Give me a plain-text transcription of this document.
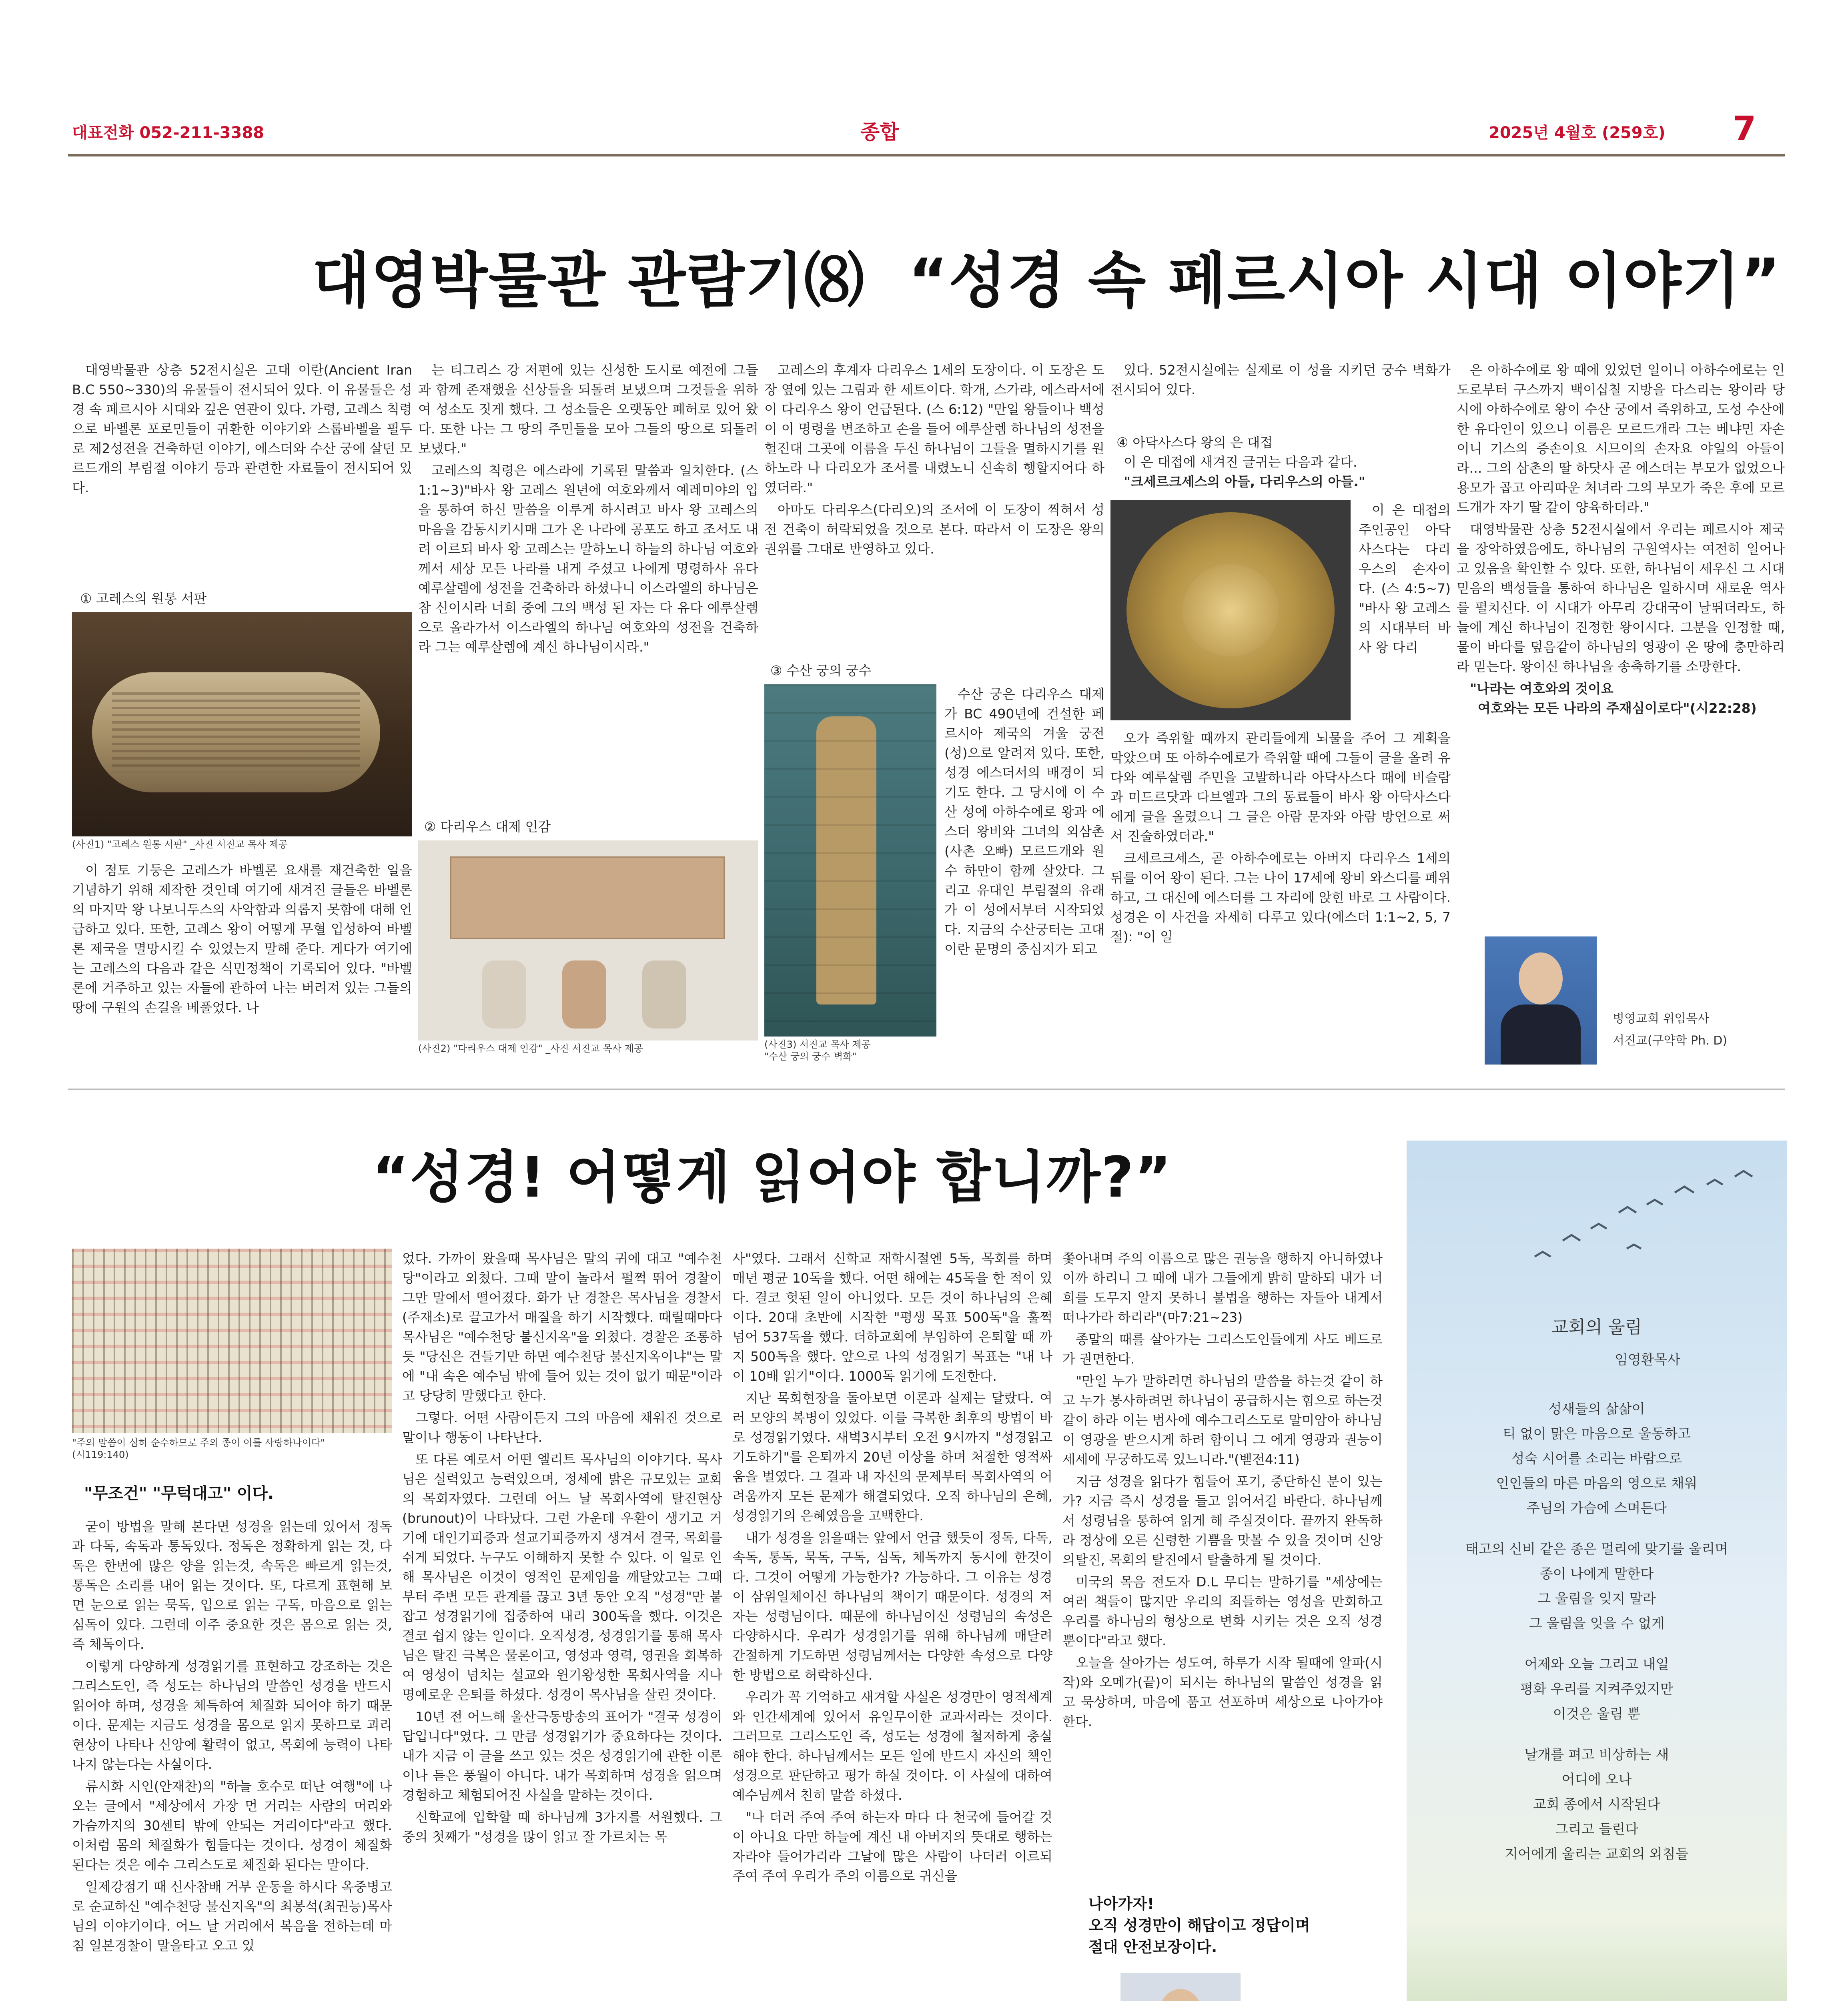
대표전화 052-211-3388	종합	2025년 4월호 (259호) 7
대영박물관 관람기⑻ “성경 속 페르시아 시대 이야기”

대영박물관 상층 52전시실은 고대 이란(Ancient Iran B.C 550~330)의 유물들이 전시되어 있다. 이 유물들은 성경 속 페르시아 시대와 깊은 연관이 있다. 가령, 고레스 칙령으로 바벨론 포로민들이 귀환한 이야기와 스룹바벨을 필두로 제2성전을 건축하던 이야기, 에스더와 수산 궁에 살던 모르드개의 부림절 이야기 등과 관련한 자료들이 전시되어 있다.

① 고레스의 원통 서판
(사진1) "고레스 원통 서판" _사진 서진교 목사 제공

이 점토 기둥은 고레스가 바벨론 요새를 재건축한 일을 기념하기 위해 제작한 것인데 여기에 새겨진 글들은 바벨론의 마지막 왕 나보니두스의 사악함과 의롭지 못함에 대해 언급하고 있다. 또한, 고레스 왕이 어떻게 무혈 입성하여 바벨론 제국을 멸망시킬 수 있었는지 말해 준다. 게다가 여기에는 고레스의 다음과 같은 식민정책이 기록되어 있다. "바벨론에 거주하고 있는 자들에 관하여 나는 버려져 있는 그들의 땅에 구원의 손길을 베풀었다. 나

는 티그리스 강 저편에 있는 신성한 도시로 예전에 그들과 함께 존재했을 신상들을 되돌려 보냈으며 그것들을 위하여 성소도 짓게 했다. 그 성소들은 오랫동안 폐허로 있어 왔다. 또한 나는 그 땅의 주민들을 모아 그들의 땅으로 되돌려 보냈다."

고레스의 칙령은 에스라에 기록된 말씀과 일치한다. (스 1:1~3)"바사 왕 고레스 원년에 여호와께서 예레미야의 입을 통하여 하신 말씀을 이루게 하시려고 바사 왕 고레스의 마음을 감동시키시매 그가 온 나라에 공포도 하고 조서도 내려 이르되 바사 왕 고레스는 말하노니 하늘의 하나님 여호와께서 세상 모든 나라를 내게 주셨고 나에게 명령하사 유다 예루살렘에 성전을 건축하라 하셨나니 이스라엘의 하나님은 참 신이시라 너희 중에 그의 백성 된 자는 다 유다 예루살렘으로 올라가서 이스라엘의 하나님 여호와의 성전을 건축하라 그는 예루살렘에 계신 하나님이시라."

② 다리우스 대제 인감
(사진2) "다리우스 대제 인감" _사진 서진교 목사 제공

고레스의 후계자 다리우스 1세의 도장이다. 이 도장은 도장 옆에 있는 그림과 한 세트이다. 학개, 스가랴, 에스라서에 이 다리우스 왕이 언급된다. (스 6:12) "만일 왕들이나 백성이 이 명령을 변조하고 손을 들어 예루살렘 하나님의 성전을 헐진대 그곳에 이름을 두신 하나님이 그들을 멸하시기를 원하노라 나 다리오가 조서를 내렸노니 신속히 행할지어다 하였더라."

아마도 다리우스(다리오)의 조서에 이 도장이 찍혀서 성전 건축이 허락되었을 것으로 본다. 따라서 이 도장은 왕의 권위를 그대로 반영하고 있다.

③ 수산 궁의 궁수
(사진3) 서진교 목사 제공
"수산 궁의 궁수 벽화"

수산 궁은 다리우스 대제가 BC 490년에 건설한 페르시아 제국의 겨울 궁전(성)으로 알려져 있다. 또한, 성경 에스더서의 배경이 되기도 한다. 그 당시에 이 수산 성에 아하수에로 왕과 에스더 왕비와 그녀의 외삼촌(사촌 오빠) 모르드개와 원수 하만이 함께 살았다. 그리고 유대인 부림절의 유래가 이 성에서부터 시작되었다. 지금의 수산궁터는 고대 이란 문명의 중심지가 되고

있다. 52전시실에는 실제로 이 성을 지키던 궁수 벽화가 전시되어 있다.

④ 아닥사스다 왕의 은 대접
이 은 대접에 새겨진 글귀는 다음과 같다.
"크세르크세스의 아들, 다리우스의 아들."

이 은 대접의 주인공인 아닥사스다는 다리우스의 손자이다. (스 4:5~7) "바사 왕 고레스의 시대부터 바사 왕 다리

오가 즉위할 때까지 관리들에게 뇌물을 주어 그 계획을 막았으며 또 아하수에로가 즉위할 때에 그들이 글을 올려 유다와 예루살렘 주민을 고발하니라 아닥사스다 때에 비슬람과 미드르닷과 다브엘과 그의 동료들이 바사 왕 아닥사스다에게 글을 올렸으니 그 글은 아람 문자와 아람 방언으로 써서 진술하였더라."

크세르크세스, 곧 아하수에로는 아버지 다리우스 1세의 뒤를 이어 왕이 된다. 그는 나이 17세에 왕비 와스디를 폐위하고, 그 대신에 에스더를 그 자리에 앉힌 바로 그 사람이다. 성경은 이 사건을 자세히 다루고 있다(에스더 1:1~2, 5, 7절): "이 일

은 아하수에로 왕 때에 있었던 일이니 아하수에로는 인도로부터 구스까지 백이십칠 지방을 다스리는 왕이라 당시에 아하수에로 왕이 수산 궁에서 즉위하고, 도성 수산에 한 유다인이 있으니 이름은 모르드개라 그는 베냐민 자손이니 기스의 증손이요 시므이의 손자요 야일의 아들이라... 그의 삼촌의 딸 하닷사 곧 에스더는 부모가 없었으나 용모가 곱고 아리따운 처녀라 그의 부모가 죽은 후에 모르드개가 자기 딸 같이 양육하더라."

대영박물관 상층 52전시실에서 우리는 페르시아 제국을 장악하였음에도, 하나님의 구원역사는 여전히 일어나고 있음을 확인할 수 있다. 또한, 하나님이 세우신 그 시대 믿음의 백성들을 통하여 하나님은 일하시며 새로운 역사를 펼치신다. 이 시대가 아무리 강대국이 날뛰더라도, 하늘에 계신 하나님이 진정한 왕이시다. 그분을 인정할 때, 물이 바다를 덮음같이 하나님의 영광이 온 땅에 충만하리라 믿는다. 왕이신 하나님을 송축하기를 소망한다.

"나라는 여호와의 것이요
여호와는 모든 나라의 주재심이로다"(시22:28)
병영교회 위임목사
서진교(구약학 Ph. D)
“성경! 어떻게 읽어야 합니까?”
"주의 말씀이 심히 순수하므로 주의 종이 이를 사랑하나이다"
(시119:140)
"무조건" "무턱대고" 이다.

굳이 방법을 말해 본다면 성경을 읽는데 있어서 정독과 다독, 속독과 통독있다. 정독은 정확하게 읽는 것, 다독은 한번에 많은 양을 읽는것, 속독은 빠르게 읽는것, 통독은 소리를 내어 읽는 것이다. 또, 다르게 표현해 보면 눈으로 읽는 묵독, 입으로 읽는 구독, 마음으로 읽는 심독이 있다. 그런데 이주 중요한 것은 몸으로 읽는 것, 즉 체독이다.

이렇게 다양하게 성경읽기를 표현하고 강조하는 것은 그리스도인, 즉 성도는 하나님의 말씀인 성경을 반드시 읽어야 하며, 성경을 체득하여 체질화 되어야 하기 때문이다. 문제는 지금도 성경을 몸으로 읽지 못하므로 괴리현상이 나타나 신앙에 활력이 없고, 목회에 능력이 나타나지 않는다는 사실이다.

류시화 시인(안재찬)의 "하늘 호수로 떠난 여행"에 나오는 글에서 "세상에서 가장 먼 거리는 사람의 머리와 가슴까지의 30센티 밖에 안되는 거리이다"라고 했다. 이처럼 몸의 체질화가 힘들다는 것이다. 성경이 체질화 된다는 것은 예수 그리스도로 체질화 된다는 말이다.

일제강점기 때 신사참배 거부 운동을 하시다 옥중병고로 순교하신 "예수천당 불신지옥"의 최봉석(최권능)목사님의 이야기이다. 어느 날 거리에서 복음을 전하는데 마침 일본경찰이 말을타고 오고 있

었다. 가까이 왔을때 목사님은 말의 귀에 대고 "예수천당"이라고 외쳤다. 그때 말이 놀라서 펄쩍 뛰어 경찰이 그만 말에서 떨어졌다. 화가 난 경찰은 목사님을 경찰서(주재소)로 끌고가서 매질을 하기 시작했다. 때릴때마다 목사님은 "예수천당 불신지옥"을 외쳤다. 경찰은 조롱하듯 "당신은 건들기만 하면 예수천당 불신지옥이냐"는 말에 "내 속은 예수님 밖에 들어 있는 것이 없기 때문"이라고 당당히 말했다고 한다.

그렇다. 어떤 사람이든지 그의 마음에 채워진 것으로 말이나 행동이 나타난다.

또 다른 예로서 어떤 엘리트 목사님의 이야기다. 목사님은 실력있고 능력있으며, 정세에 밝은 규모있는 교회의 목회자였다. 그런데 어느 날 목회사역에 탈진현상(brunout)이 나타났다. 그런 가운데 우환이 생기고 거기에 대인기피증과 설교기피증까지 생겨서 결국, 목회를 쉬게 되었다. 누구도 이해하지 못할 수 있다. 이 일로 인해 목사님은 이것이 영적인 문제임을 깨달았고는 그때 부터 주변 모든 관계를 끊고 3년 동안 오직 "성경"만 붙잡고 성경읽기에 집중하여 내리 300독을 했다. 이것은 결코 쉽지 않는 일이다. 오직성경, 성경읽기를 통해 목사님은 탈진 극복은 물론이고, 영성과 영력, 영권을 회복하여 영성이 넘치는 설교와 윈기왕성한 목회사역을 지나 명예로운 은퇴를 하셨다. 성경이 목사님을 살린 것이다.

10년 전 어느해 울산극동방송의 표어가 "결국 성경이 답입니다"였다. 그 만큼 성경읽기가 중요하다는 것이다. 내가 지금 이 글을 쓰고 있는 것은 성경읽기에 관한 이론이나 듣은 풍월이 아니다. 내가 목회하며 성경을 읽으며 경험하고 체험되어진 사실을 말하는 것이다.

신학교에 입학할 때 하나님께 3가지를 서원했다. 그 중의 첫째가 "성경을 많이 읽고 잘 가르치는 목

사"였다. 그래서 신학교 재학시절엔 5독, 목회를 하며 매년 평균 10독을 했다. 어떤 해에는 45독을 한 적이 있다. 결코 헛된 일이 아니었다. 모든 것이 하나님의 은혜이다. 20대 초반에 시작한 "평생 목표 500독"을 훌쩍 넘어 537독을 했다. 더하교회에 부임하여 은퇴할 때 까지 500독을 했다. 앞으로 나의 성경읽기 목표는 "내 나이 10배 읽기"이다. 1000독 읽기에 도전한다.

지난 목회현장을 돌아보면 이론과 실제는 달랐다. 여러 모양의 복병이 있었다. 이를 극복한 최후의 방법이 바로 성경읽기였다. 새벽3시부터 오전 9시까지 "성경읽고 기도하기"를 은퇴까지 20년 이상을 하며 처절한 영적싸움을 벌였다. 그 결과 내 자신의 문제부터 목회사역의 어려움까지 모든 문제가 해결되었다. 오직 하나님의 은혜, 성경읽기의 은혜였음을 고백한다.

내가 성경을 읽을때는 앞에서 언급 했듯이 정독, 다독, 속독, 통독, 묵독, 구독, 심독, 체독까지 동시에 한것이다. 그것이 어떻게 가능한가? 가능하다. 그 이유는 성경이 삼위일체이신 하나님의 책이기 때문이다. 성경의 저자는 성령님이다. 때문에 하나님이신 성령님의 속성은 다양하시다. 우리가 성경읽기를 위해 하나님께 매달려 간절하게 기도하면 성령님께서는 다양한 속성으로 다양한 방법으로 허락하신다.

우리가 꼭 기억하고 새겨할 사실은 성경만이 영적세계와 인간세계에 있어서 유일무이한 교과서라는 것이다. 그러므로 그리스도인 즉, 성도는 성경에 철저하게 충실해야 한다. 하나님께서는 모든 일에 반드시 자신의 책인 성경으로 판단하고 평가 하실 것이다. 이 사실에 대하여 예수님께서 친히 말씀 하셨다.

"나 더러 주여 주여 하는자 마다 다 천국에 들어갈 것이 아니요 다만 하늘에 계신 내 아버지의 뜻대로 행하는 자라야 들어가리라 그날에 많은 사람이 나더러 이르되 주여 주여 우리가 주의 이름으로 귀신을

쫓아내며 주의 이름으로 많은 권능을 행하지 아니하였나이까 하리니 그 때에 내가 그들에게 밝히 말하되 내가 너희를 도무지 알지 못하니 불법을 행하는 자들아 내게서 떠나가라 하리라"(마7:21~23)

종말의 때를 살아가는 그리스도인들에게 사도 베드로가 권면한다.

"만일 누가 말하려면 하나님의 말씀을 하는것 같이 하고 누가 봉사하려면 하나님이 공급하시는 힘으로 하는것 같이 하라 이는 범사에 예수그리스도로 말미암아 하나님이 영광을 받으시게 하려 함이니 그 에게 영광과 권능이 세세에 무궁하도록 있느니라."(벧전4:11)

지금 성경을 읽다가 힘들어 포기, 중단하신 분이 있는가? 지금 즉시 성경을 들고 읽어서길 바란다. 하나님께서 성령님을 통하여 읽게 해 주실것이다. 끝까지 완독하라 정상에 오른 신령한 기쁨을 맛볼 수 있을 것이며 신앙의탈진, 목회의 탈진에서 탈출하게 될 것이다.

미국의 목음 전도자 D.L 무디는 말하기를 "세상에는 여러 책들이 많지만 우리의 죄들하는 영성을 만회하고 우리를 하나님의 형상으로 변화 시키는 것은 오직 성경 뿐이다"라고 했다.

오늘을 살아가는 성도여, 하루가 시작 될때에 알파(시작)와 오메가(끝)이 되시는 하나님의 말씀인 성경을 읽고 묵상하며, 마음에 품고 선포하며 세상으로 나아가야 한다.

나아가자!
오직 성경만이 해답이고 정답이며
절대 안전보장이다.
교회의 울림
임영환목사
성새들의 삶삶이
티 없이 맑은 마음으로 울동하고
성숙 시어를 소리는 바람으로
인인들의 마른 마음의 영으로 채워
주님의 가슴에 스며든다
태고의 신비 같은 종은 멀리에 맞기를 울리며
종이 나에게 말한다
그 울림을 잊지 말라
그 울림을 잊을 수 없게
어제와 오늘 그리고 내일
평화 우리를 지켜주었지만
이것은 울림 뿐
날개를 펴고 비상하는 새
어디에 오나
교회 종에서 시작된다
그리고 들린다
지어에게 울리는 교회의 외침들
